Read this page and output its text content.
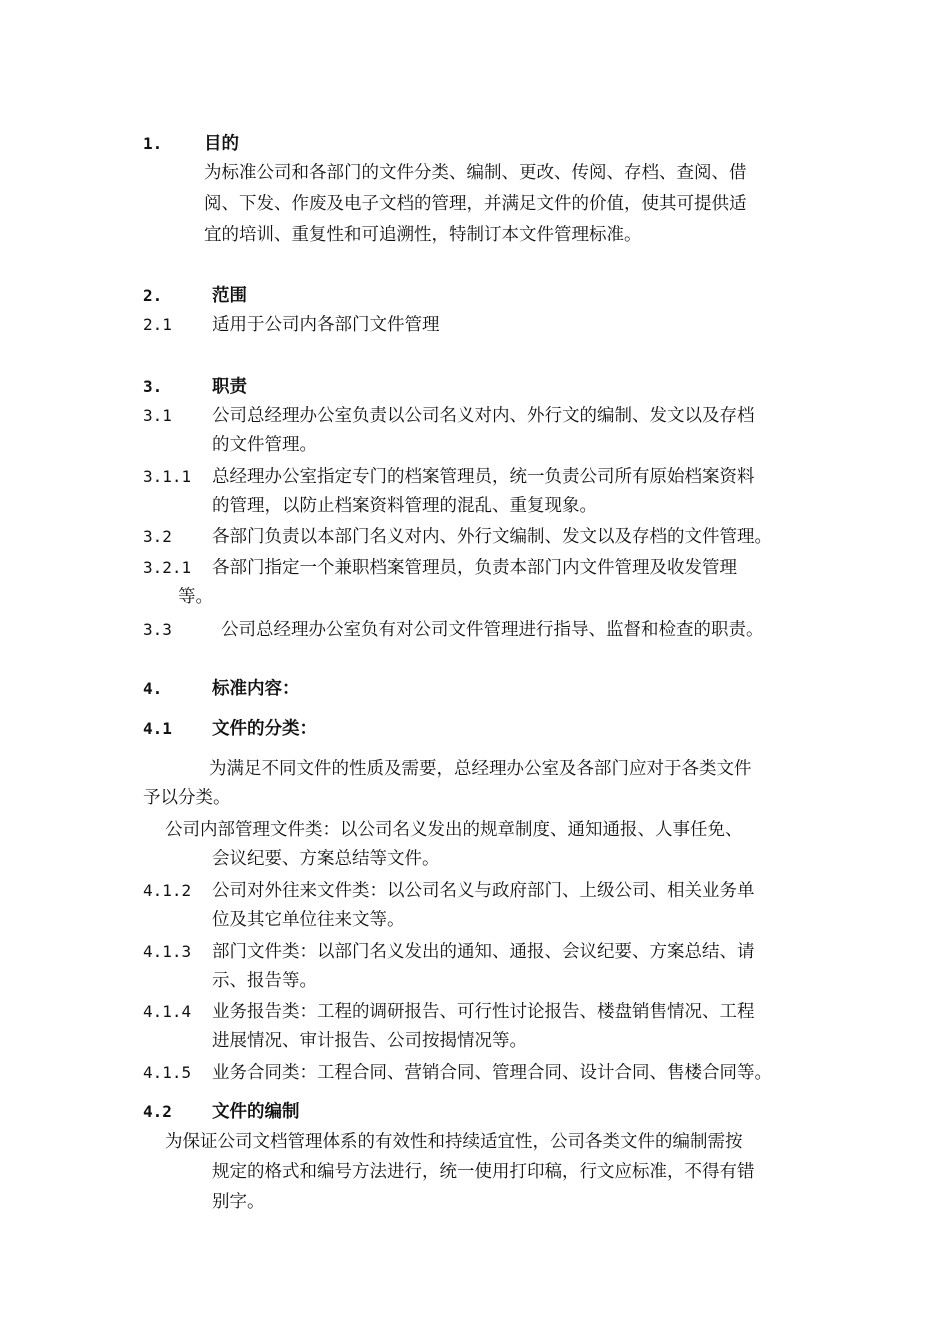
1. 目的
为标准公司和各部门的文件分类、编制、更改、传阅、存档、查阅、借
阅、下发、作废及电子文档的管理，并满足文件的价值，使其可提供适
宜的培训、重复性和可追溯性，特制订本文件管理标准。
2.	范围
2.1 适用于公司内各部门文件管理
3.	职责
3.1 公司总经理办公室负责以公司名义对内、外行文的编制、发文以及存档
的文件管理。
3.1.1 总经理办公室指定专门的档案管理员，统一负责公司所有原始档案资料
的管理，以防止档案资料管理的混乱、重复现象。
3.2 各部门负责以本部门名义对内、外行文编制、发文以及存档的文件管理。
3.2.1 各部门指定一个兼职档案管理员，负责本部门内文件管理及收发管理
等。
3.3	公司总经理办公室负有对公司文件管理进行指导、监督和检查的职责。
4.	标准内容：
4.1 文件的分类：
为满足不同文件的性质及需要，总经理办公室及各部门应对于各类文件
予以分类。
公司内部管理文件类：以公司名义发出的规章制度、通知通报、人事任免、
会议纪要、方案总结等文件。
4.1.2 公司对外往来文件类：以公司名义与政府部门、上级公司、相关业务单
位及其它单位往来文等。
4.1.3 部门文件类：以部门名义发出的通知、通报、会议纪要、方案总结、请
示、报告等。
4.1.4 业务报告类：工程的调研报告、可行性讨论报告、楼盘销售情况、工程
进展情况、审计报告、公司按揭情况等。
4.1.5 业务合同类：工程合同、营销合同、管理合同、设计合同、售楼合同等。
4.2 文件的编制
为保证公司文档管理体系的有效性和持续适宜性，公司各类文件的编制需按
规定的格式和编号方法进行，统一使用打印稿，行文应标准，不得有错
别字。
